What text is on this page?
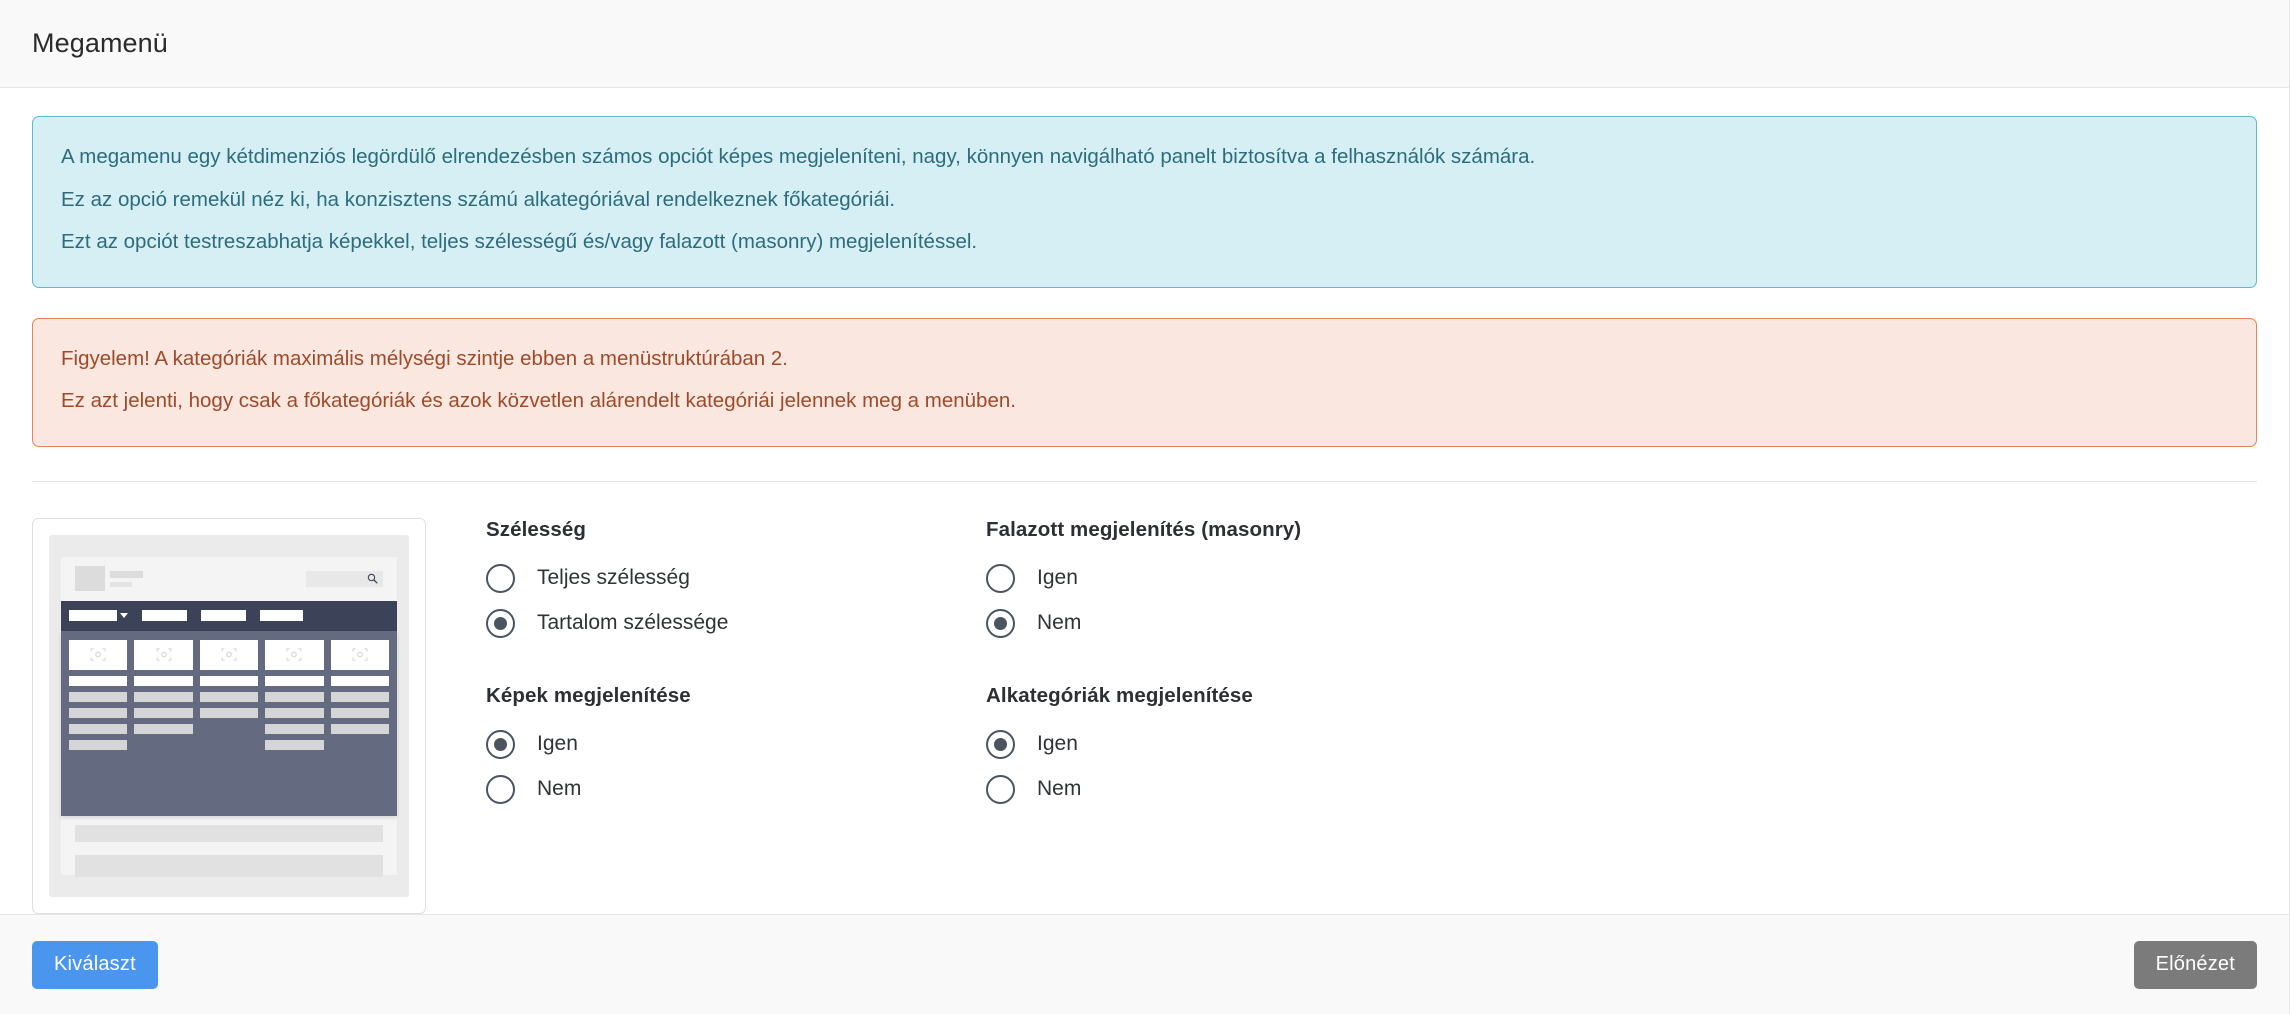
Megamenü

A megamenu egy kétdimenziós legördülő elrendezésben számos opciót képes megjeleníteni, nagy, könnyen navigálható panelt biztosítva a felhasználók számára.

Ez az opció remekül néz ki, ha konzisztens számú alkategóriával rendelkeznek főkategóriái.

Ezt az opciót testreszabhatja képekkel, teljes szélességű és/vagy falazott (masonry) megjelenítéssel.

Figyelem! A kategóriák maximális mélységi szintje ebben a menüstruktúrában 2.

Ez azt jelenti, hogy csak a főkategóriák és azok közvetlen alárendelt kategóriái jelennek meg a menüben.

Szélesség
Teljes szélesség
Tartalom szélessége
Képek megjelenítése
Igen
Nem
Falazott megjelenítés (masonry)
Igen
Nem
Alkategóriák megjelenítése
Igen
Nem
Kiválaszt	Előnézet
